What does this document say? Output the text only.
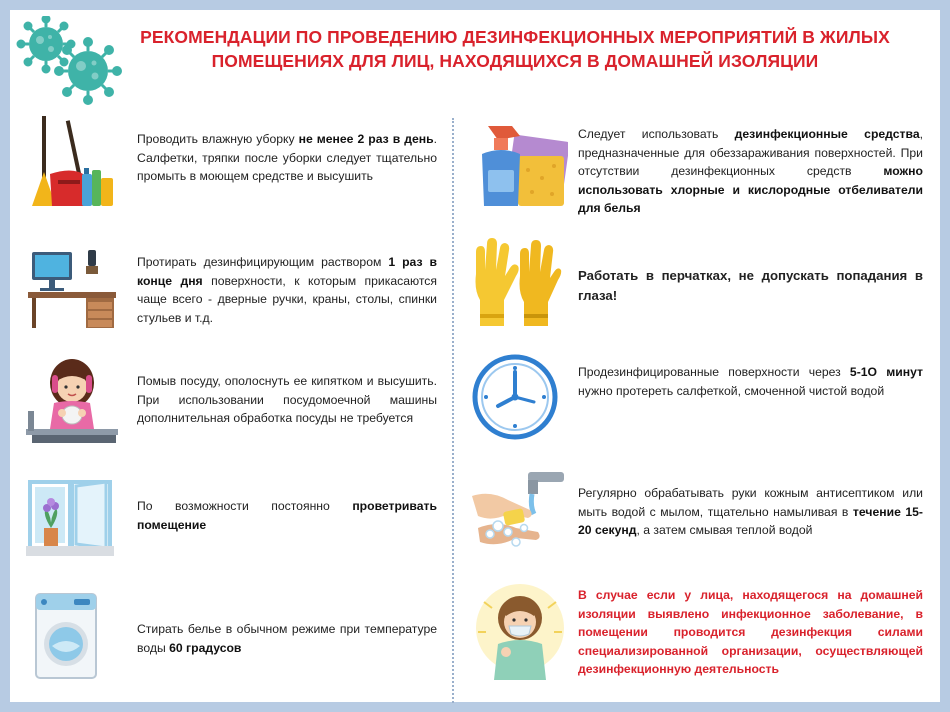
РЕКОМЕНДАЦИИ ПО ПРОВЕДЕНИЮ ДЕЗИНФЕКЦИОННЫХ МЕРОПРИЯТИЙ В ЖИЛЫХ
ПОМЕЩЕНИЯХ ДЛЯ ЛИЦ, НАХОДЯЩИХСЯ В ДОМАШНЕЙ ИЗОЛЯЦИИ
Проводить влажную уборку не менее 2 раз в день. Салфетки, тряпки после уборки следует тщательно промыть в моющем средстве и высушить
Протирать дезинфицирующим раствором 1 раз в конце дня поверхности, к которым прикасаются чаще всего - дверные ручки, краны, столы, спинки стульев и т.д.
Помыв посуду, ополоснуть ее кипятком и высушить. При использовании посудомоечной машины дополнительная обработка посуды не требуется
По возможности постоянно проветривать помещение
Стирать белье в обычном режиме при температуре воды 60 градусов
Следует использовать дезинфекционные средства, предназначенные для обеззараживания поверхностей. При отсутствии дезинфекционных средств можно использовать хлорные и кислородные отбеливатели для белья
Работать в перчатках, не допускать попадания в глаза!
Продезинфицированные поверхности через 5-1О минут нужно протереть салфеткой, смоченной чистой водой
Регулярно обрабатывать руки кожным антисептиком или мыть водой с мылом, тщательно намыливая в течение 15-20 секунд, а затем смывая теплой водой
В случае если у лица, находящегося на домашней изоляции выявлено инфекционное заболевание, в помещении проводится дезинфекция силами специализированной организации, осуществляющей дезинфекционную деятельность
